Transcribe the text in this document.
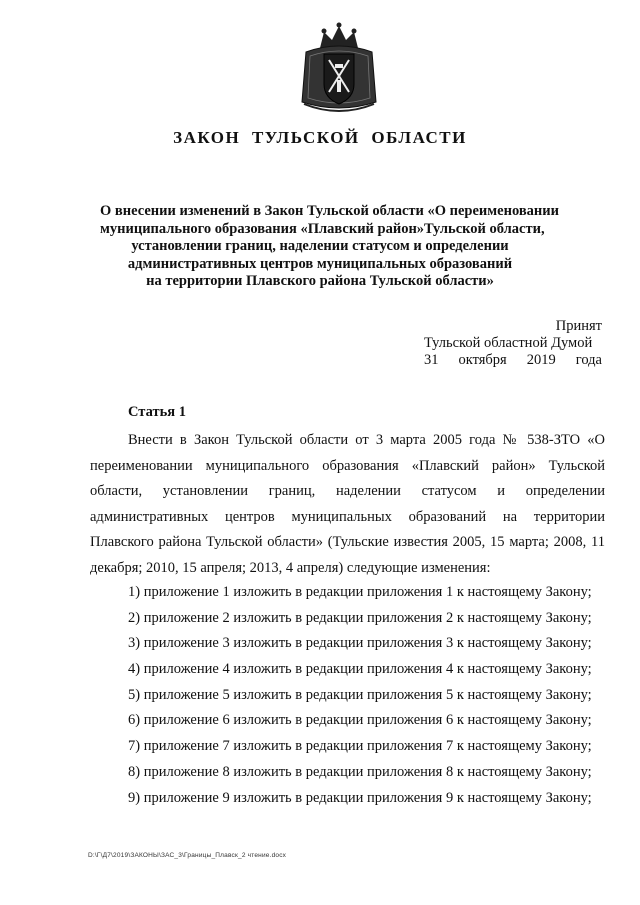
ЗАКОН ТУЛЬСКОЙ ОБЛАСТИ
О внесении изменений в Закон Тульской области «О переименовании
муниципального образования «Плавский район»Тульской области,
установлении границ, наделении статусом и определении
административных центров муниципальных образований
на территории Плавского района Тульской области»
Принят
Тульской областной Думой
31 октября 2019 года
Статья 1

Внести в Закон Тульской области от 3 марта 2005 года № 538-ЗТО «О переименовании муниципального образования «Плавский район» Тульской области, установлении границ, наделении статусом и определении административных центров муниципальных образований на территории Плавского района Тульской области» (Тульские известия 2005, 15 марта; 2008, 11 декабря; 2010, 15 апреля; 2013, 4 апреля) следующие изменения:

1) приложение 1 изложить в редакции приложения 1 к настоящему Закону;
2) приложение 2 изложить в редакции приложения 2 к настоящему Закону;
3) приложение 3 изложить в редакции приложения 3 к настоящему Закону;
4) приложение 4 изложить в редакции приложения 4 к настоящему Закону;
5) приложение 5 изложить в редакции приложения 5 к настоящему Закону;
6) приложение 6 изложить в редакции приложения 6 к настоящему Закону;
7) приложение 7 изложить в редакции приложения 7 к настоящему Закону;
8) приложение 8 изложить в редакции приложения 8 к настоящему Закону;
9) приложение 9 изложить в редакции приложения 9 к настоящему Закону;
D:\Г\Д7\2019\ЗАКОНЫ\ЗАС_3\Границы_Плавск_2 чтение.docx
